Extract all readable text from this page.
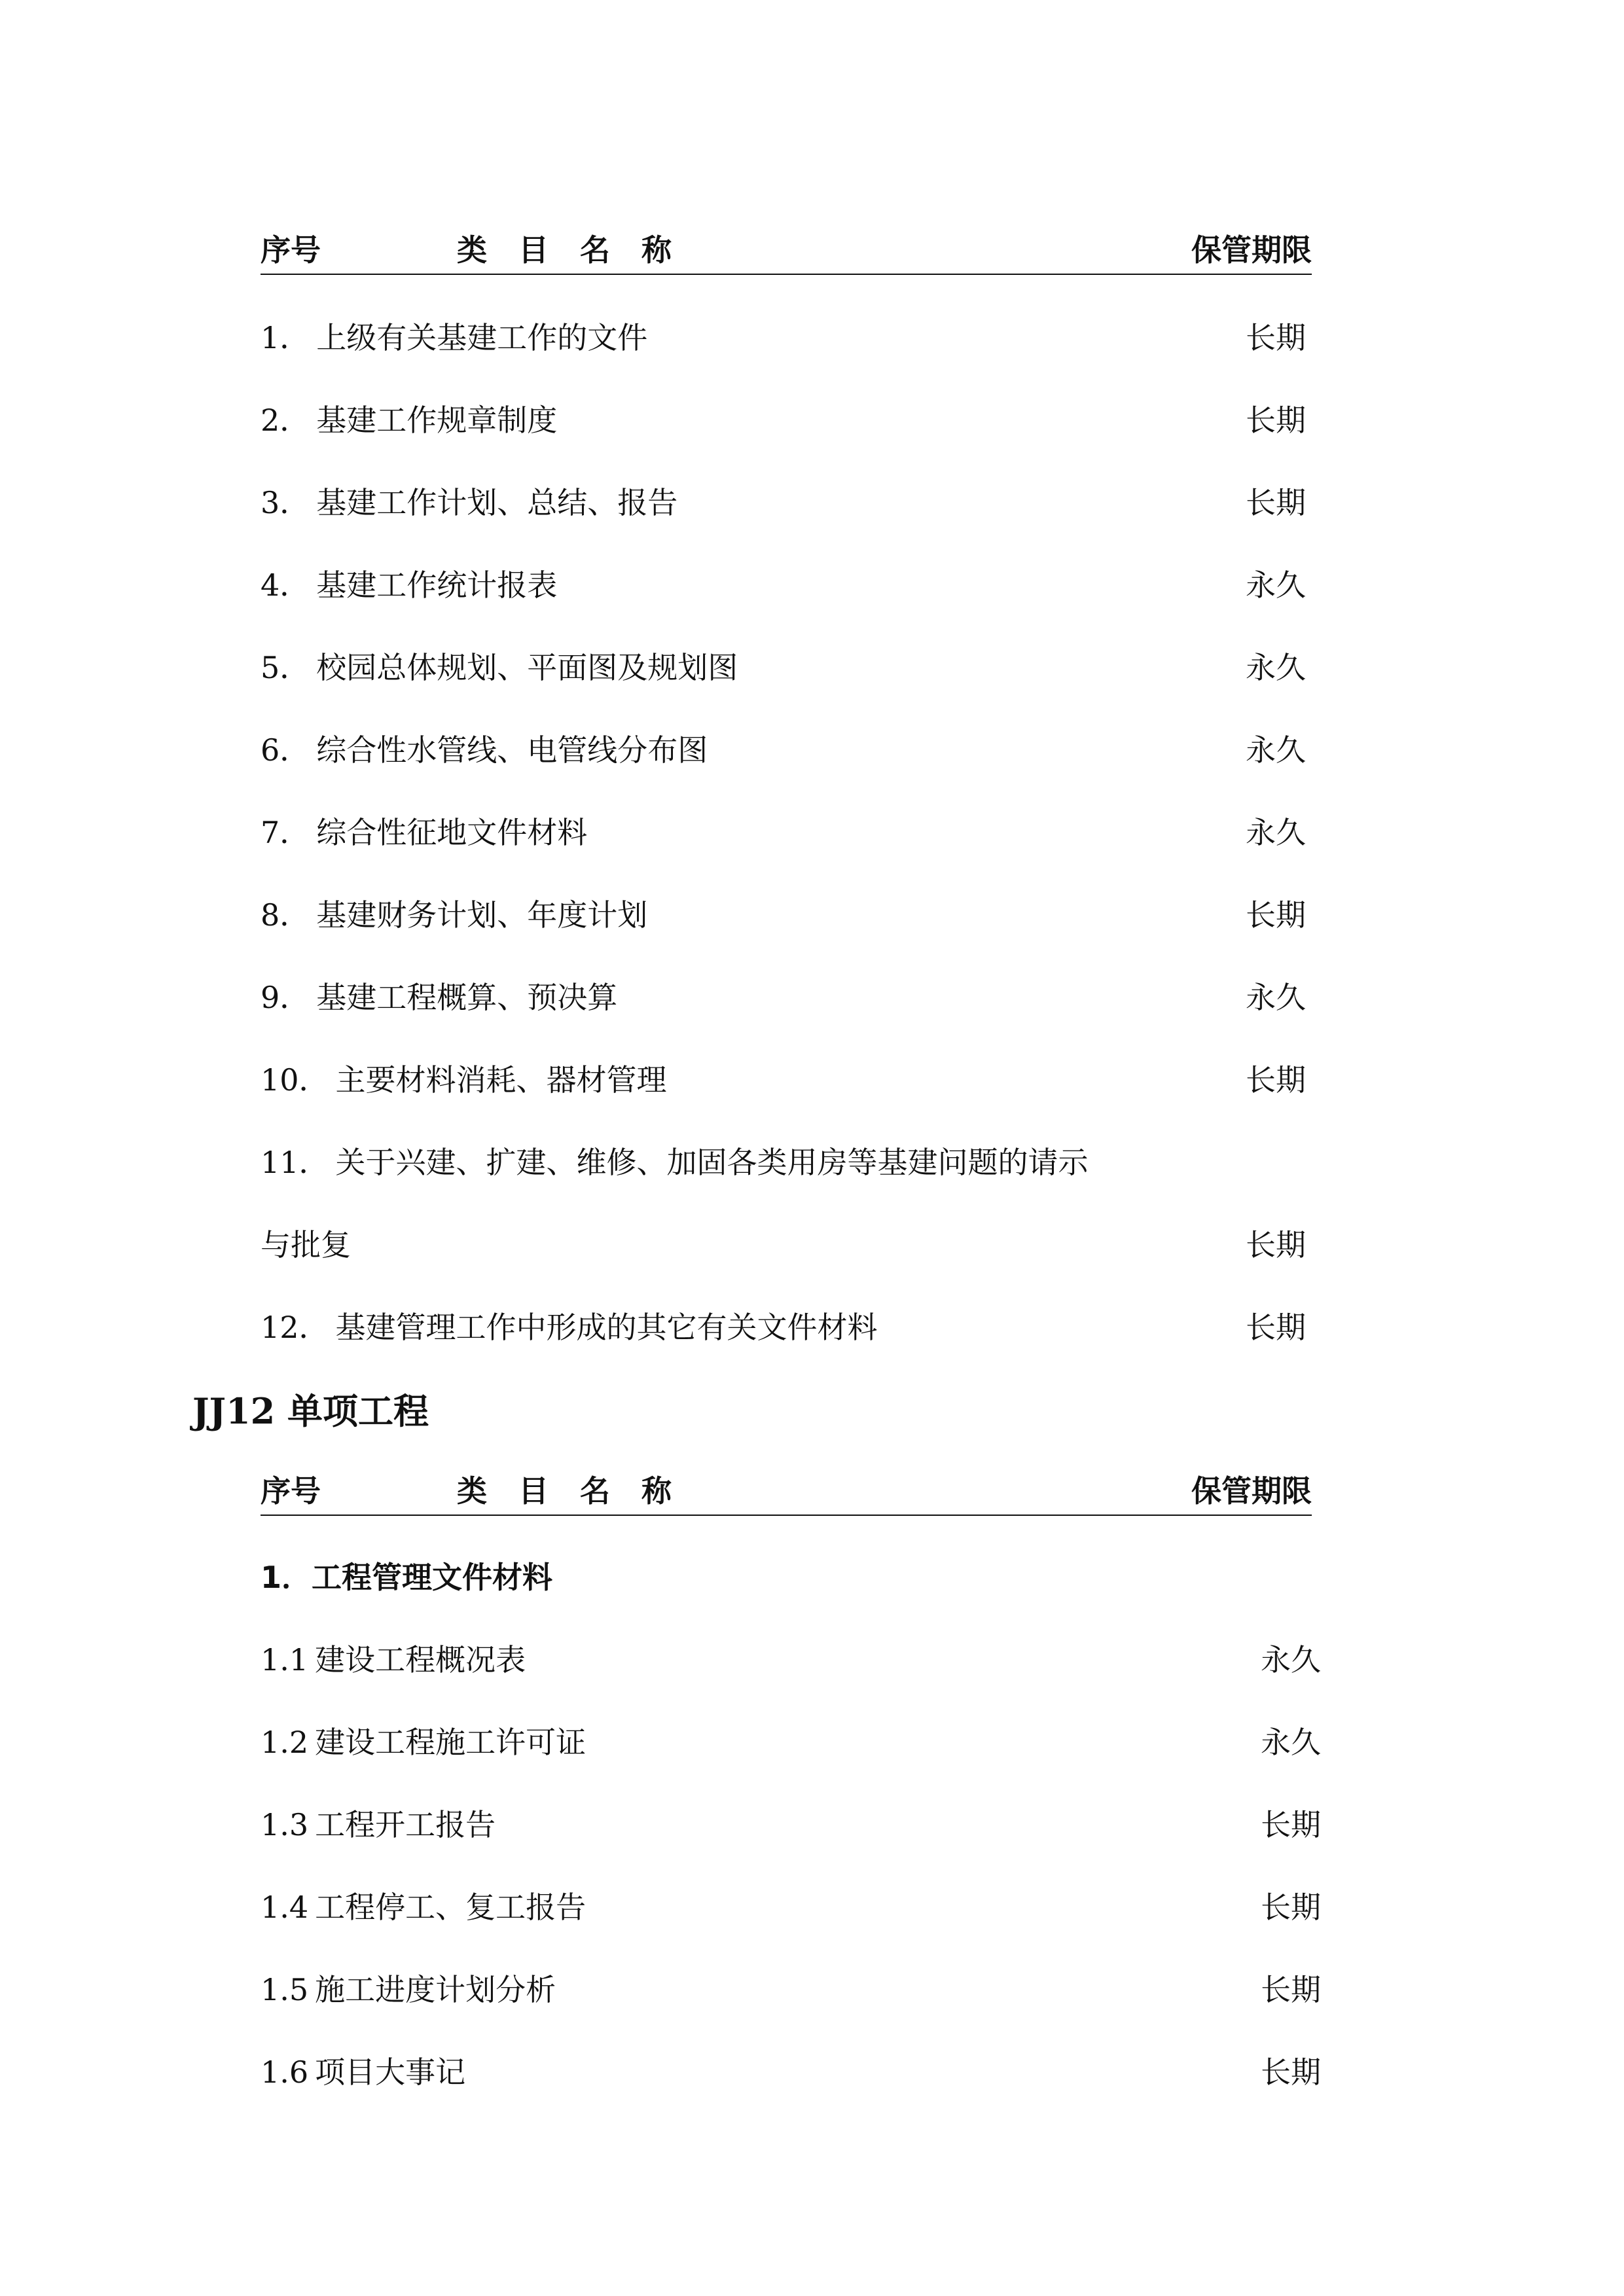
序号	类 目 名 称	保管期限
1． 上级有关基建工作的文件	长期
2． 基建工作规章制度	长期
3． 基建工作计划、总结、报告	长期
4． 基建工作统计报表	永久
5． 校园总体规划、平面图及规划图	永久
6． 综合性水管线、电管线分布图	永久
7． 综合性征地文件材料	永久
8． 基建财务计划、年度计划	长期
9． 基建工程概算、预决算	永久
10． 主要材料消耗、器材管理	长期
11． 关于兴建、扩建、维修、加固各类用房等基建问题的请示
与批复	长期
12． 基建管理工作中形成的其它有关文件材料	长期
JJ12 单项工程
序号	类 目 名 称	保管期限
1．工程管理文件材料
1.1 建设工程概况表	永久
1.2 建设工程施工许可证	永久
1.3 工程开工报告	长期
1.4 工程停工、复工报告	长期
1.5 施工进度计划分析	长期
1.6 项目大事记	长期
